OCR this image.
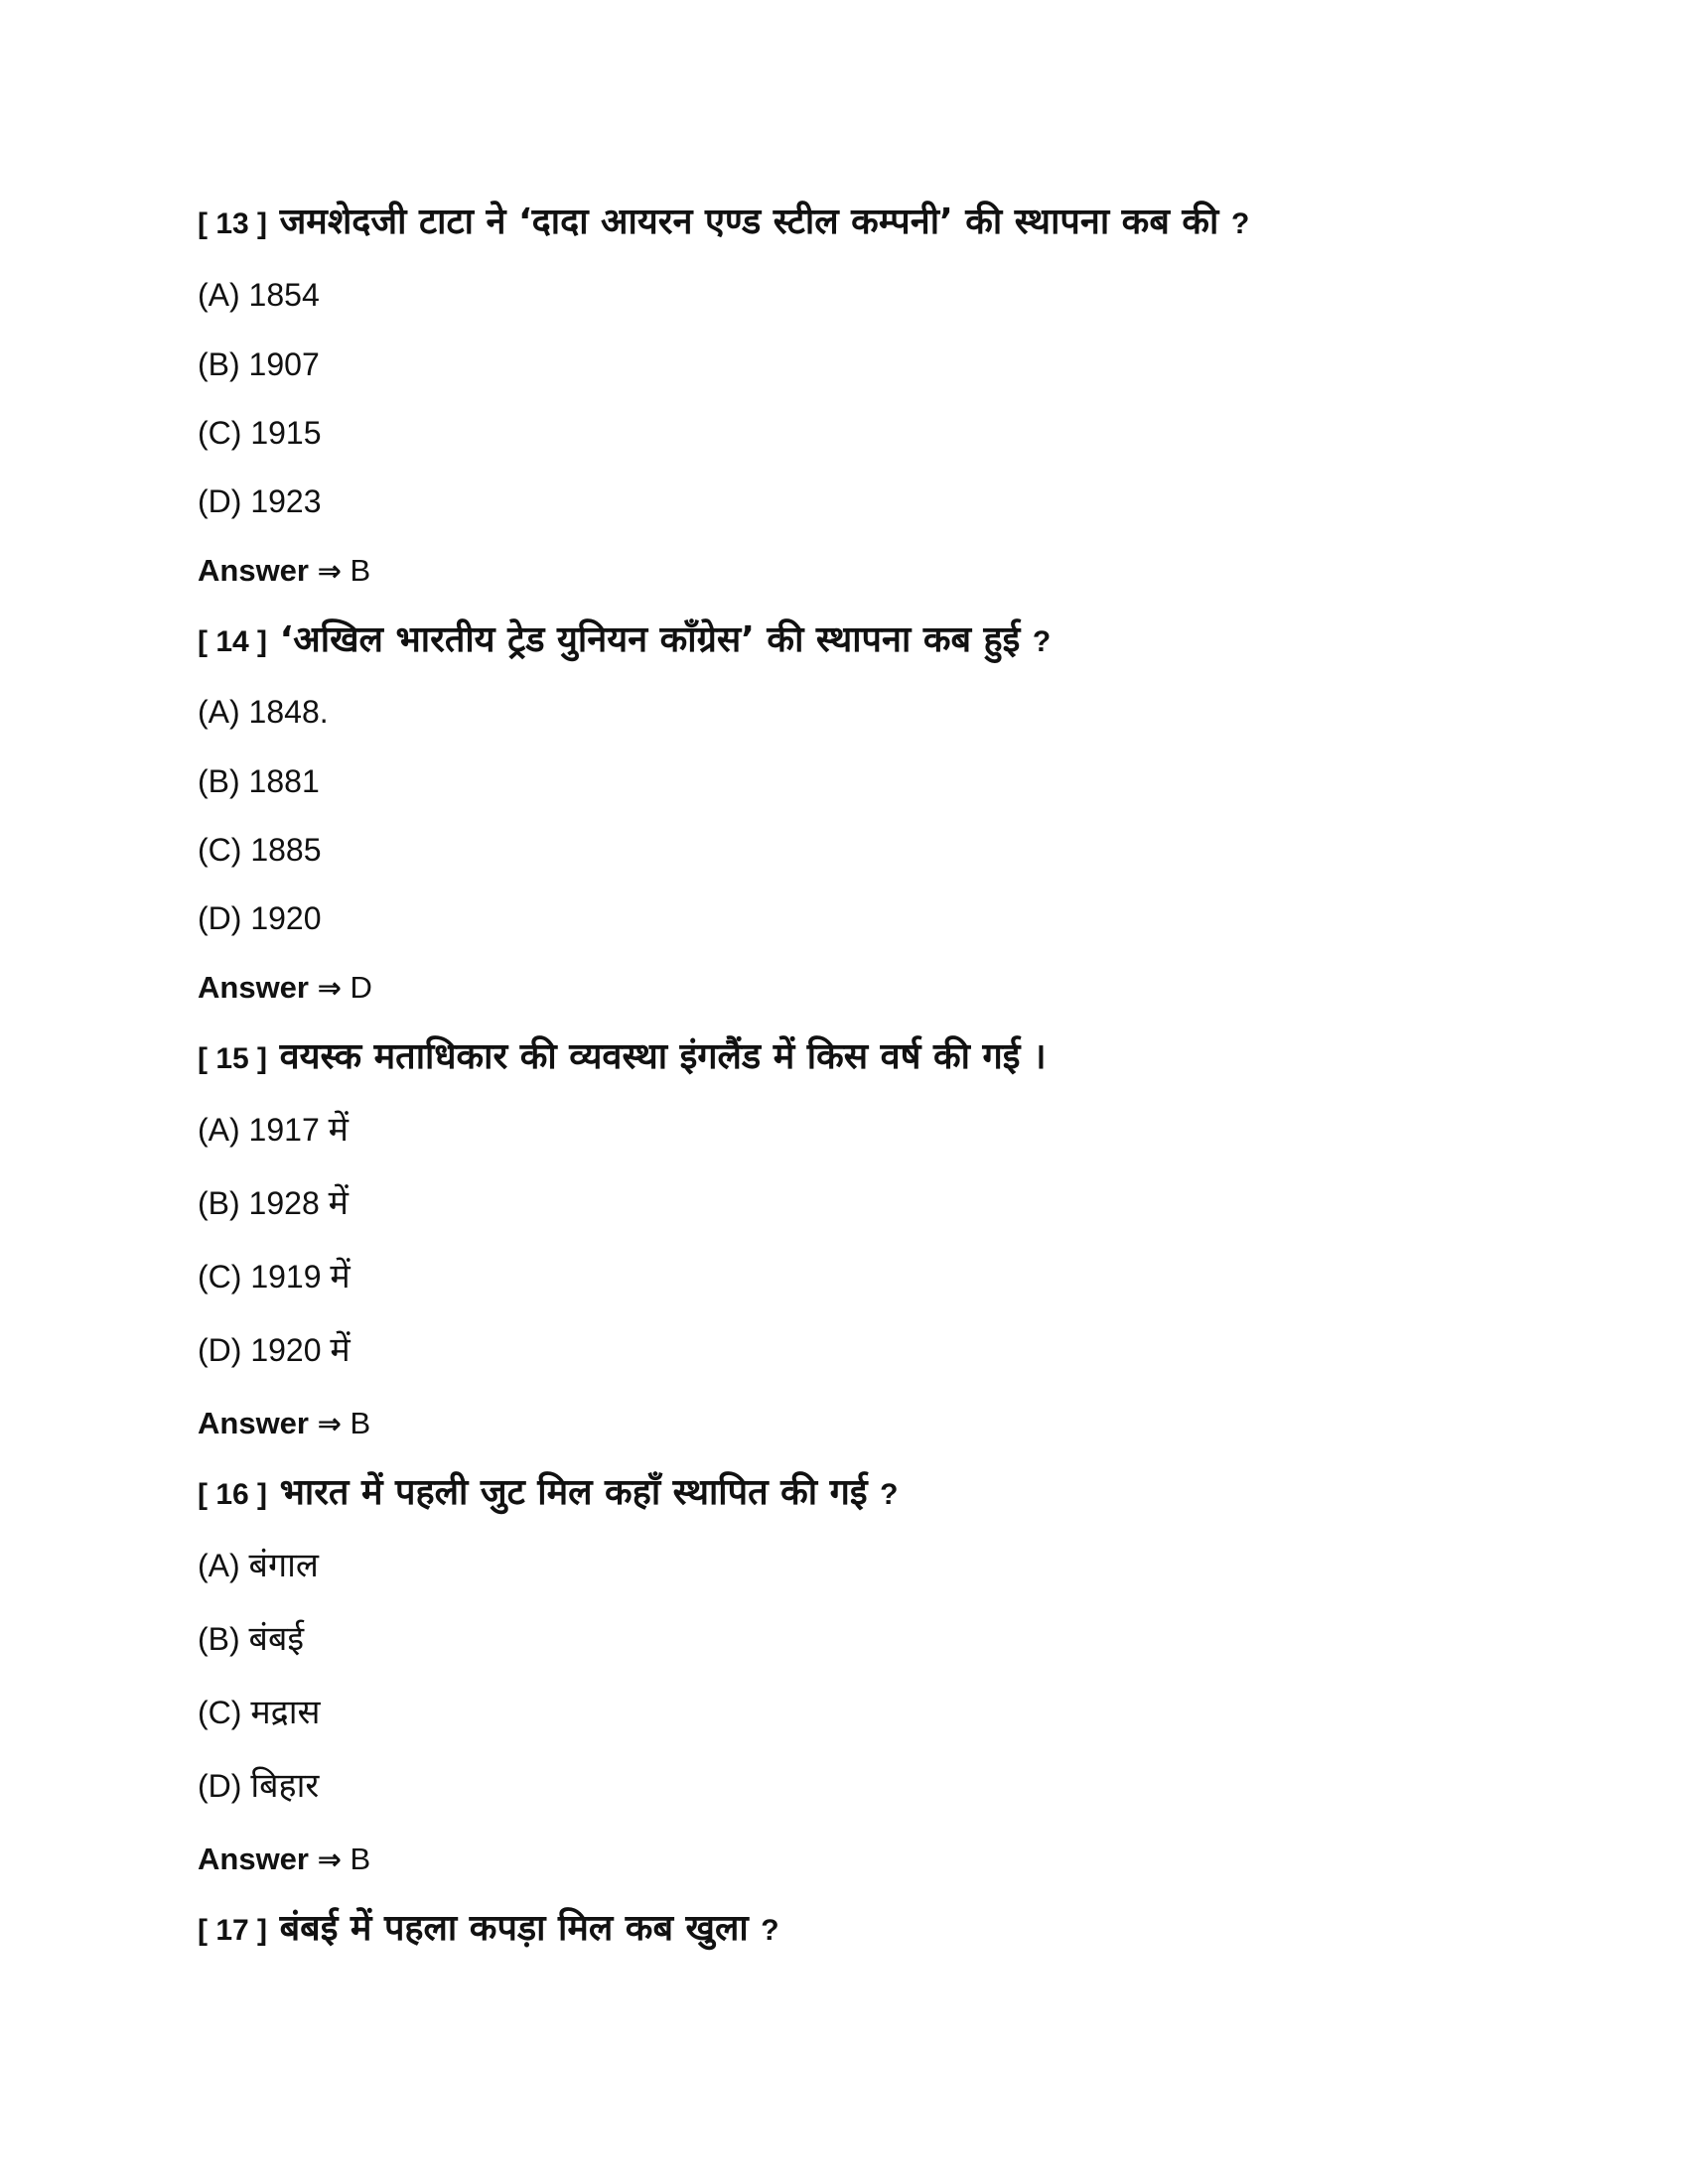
[ 13 ] जमशेदजी टाटा ने ‘दादा आयरन एण्ड स्टील कम्पनी’ की स्थापना कब की ?
(A) 1854
(B) 1907
(C) 1915
(D) 1923
Answer ⇒ B
[ 14 ] ‘अखिल भारतीय ट्रेड युनियन काँग्रेस’ की स्थापना कब हुई ?
(A) 1848.
(B) 1881
(C) 1885
(D) 1920
Answer ⇒ D
[ 15 ] वयस्क मताधिकार की व्यवस्था इंगलैंड में किस वर्ष की गई ।
(A) 1917 में
(B) 1928 में
(C) 1919 में
(D) 1920 में
Answer ⇒ B
[ 16 ] भारत में पहली जुट मिल कहाँ स्थापित की गई ?
(A) बंगाल
(B) बंबई
(C) मद्रास
(D) बिहार
Answer ⇒ B
[ 17 ] बंबई में पहला कपड़ा मिल कब खुला ?
